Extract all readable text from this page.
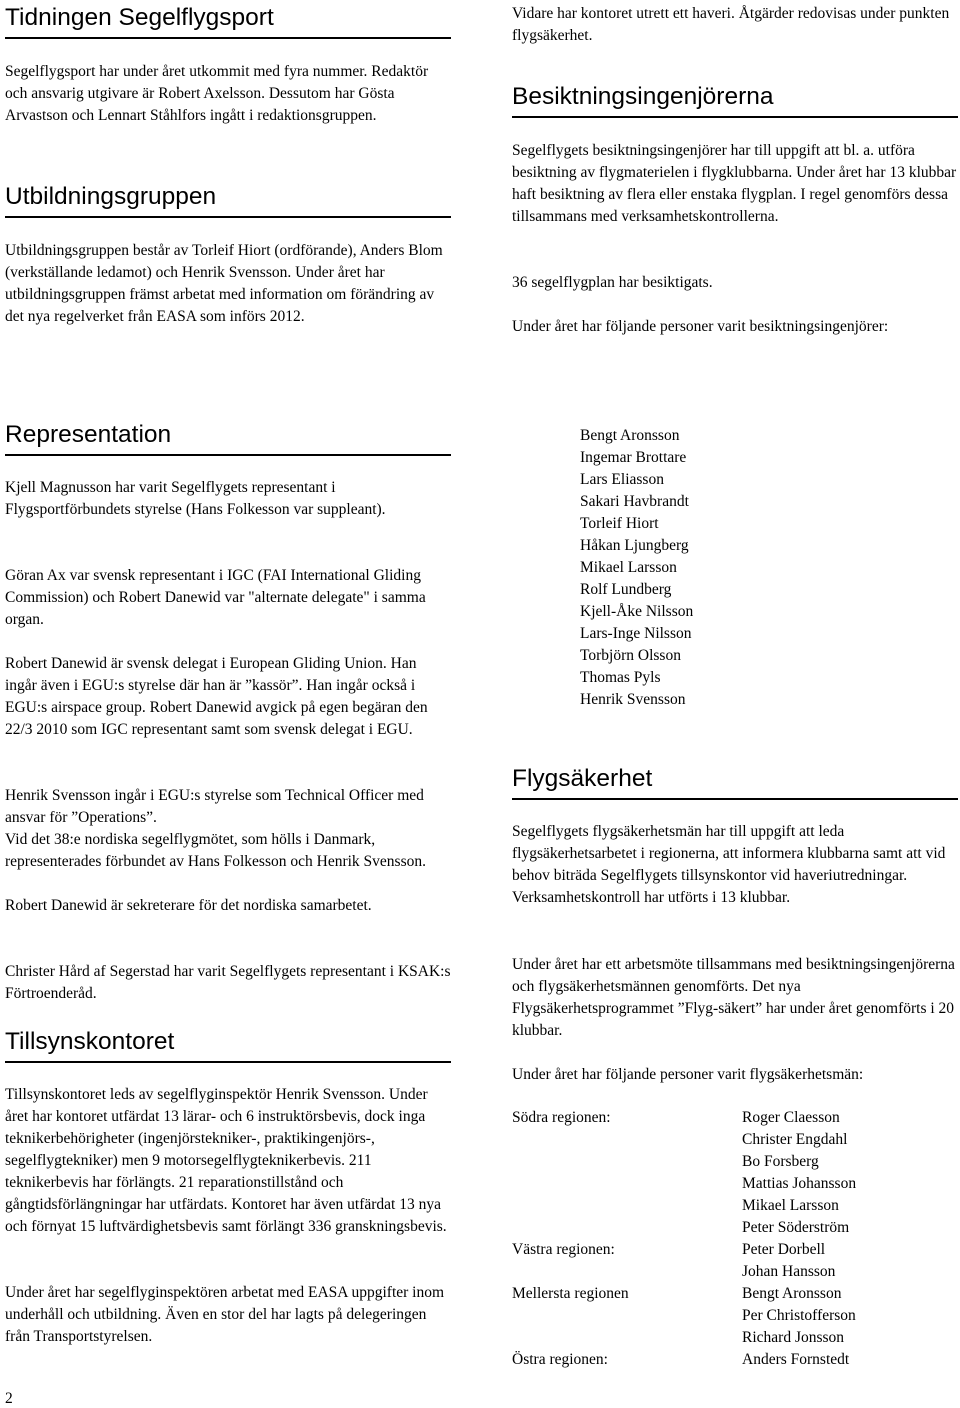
Tidningen Segelflygsport

Segelflygsport har under året utkommit med fyra nummer. Redaktör och ansvarig utgivare är Robert Axelsson. Dessutom har Gösta Arvastson och Lennart Ståhlfors ingått i redaktionsgruppen.

Utbildningsgruppen

Utbildningsgruppen består av Torleif Hiort (ordförande), Anders Blom (verkställande ledamot) och Henrik Svensson. Under året har utbildningsgruppen främst arbetat med information om förändring av det nya regelverket från EASA som införs 2012.

Representation

Kjell Magnusson har varit Segelflygets representant i Flygsportförbundets styrelse (Hans Folkesson var suppleant).

Göran Ax var svensk representant i IGC (FAI International Gliding Commission) och Robert Danewid var "alternate delegate" i samma organ.

Robert Danewid är svensk delegat i European Gliding Union. Han ingår även i EGU:s styrelse där han är ”kassör”. Han ingår också i EGU:s airspace group. Robert Danewid avgick på egen begäran den 22/3 2010 som IGC representant samt som svensk delegat i EGU.

Henrik Svensson ingår i EGU:s styrelse som Technical Officer med ansvar för ”Operations”.

Vid det 38:e nordiska segelflygmötet, som hölls i Danmark, representerades förbundet av Hans Folkesson och Henrik Svensson.

Robert Danewid är sekreterare för det nordiska samarbetet.

Christer Hård af Segerstad har varit Segelflygets representant i KSAK:s Förtroenderåd.

Tillsynskontoret

Tillsynskontoret leds av segelflyginspektör Henrik Svensson. Under året har kontoret utfärdat 13 lärar- och 6 instruktörsbevis, dock inga teknikerbehörigheter (ingenjörstekniker-, praktikingenjörs-, segelflygtekniker) men 9 motorsegelflygteknikerbevis. 211 teknikerbevis har förlängts. 21 reparationstillstånd och gångtidsförlängningar har utfärdats. Kontoret har även utfärdat 13 nya och förnyat 15 luftvärdighetsbevis samt förlängt 336 granskningsbevis.

Under året har segelflyginspektören arbetat med EASA uppgifter inom underhåll och utbildning. Även en stor del har lagts på delegeringen från Transportstyrelsen.

Vidare har kontoret utrett ett haveri. Åtgärder redovisas under punkten flygsäkerhet.

Besiktningsingenjörerna

Segelflygets besiktningsingenjörer har till uppgift att bl. a. utföra besiktning av flygmaterielen i flygklubbarna. Under året har 13 klubbar haft besiktning av flera eller enstaka flygplan. I regel genomförs dessa tillsammans med verksamhetskontrollerna.

36 segelflygplan har besiktigats.

Under året har följande personer varit besiktningsingenjörer:

Bengt Aronsson
Ingemar Brottare
Lars Eliasson
Sakari Havbrandt
Torleif Hiort
Håkan Ljungberg
Mikael Larsson
Rolf Lundberg
Kjell-Åke Nilsson
Lars-Inge Nilsson
Torbjörn Olsson
Thomas Pyls
Henrik Svensson
Flygsäkerhet

Segelflygets flygsäkerhetsmän har till uppgift att leda flygsäkerhetsarbetet i regionerna, att informera klubbarna samt att vid behov biträda Segelflygets tillsynskontor vid haveriutredningar. Verksamhetskontroll har utförts i 13 klubbar.

Under året har ett arbetsmöte tillsammans med besiktningsingenjörerna och flygsäkerhetsmännen genomförts. Det nya Flygsäkerhetsprogrammet ”Flyg-säkert” har under året genomförts i 20 klubbar.

Under året har följande personer varit flygsäkerhetsmän:

Södra regionen:	Roger Claesson
Christer Engdahl
Bo Forsberg
Mattias Johansson
Mikael Larsson
Peter Söderström
Västra regionen:	Peter Dorbell
Johan Hansson
Mellersta regionen	Bengt Aronsson
Per Christofferson
Richard Jonsson
Östra regionen:	Anders Fornstedt
2
